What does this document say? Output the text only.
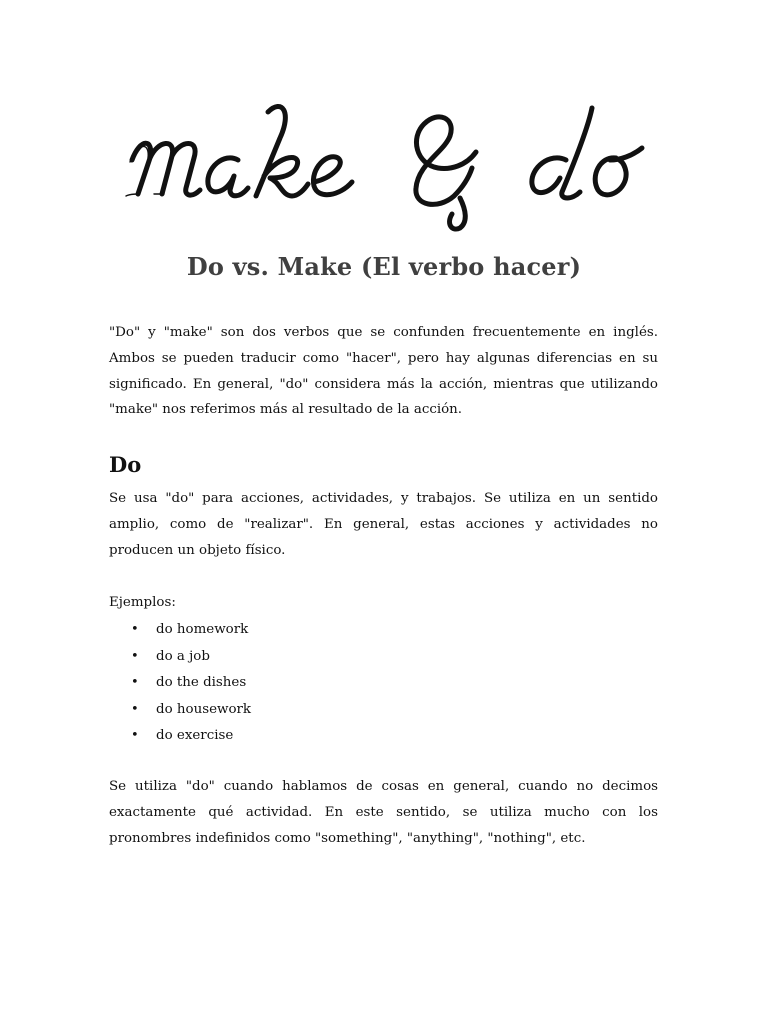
Do vs. Make (El verbo hacer)

"Do" y "make" son dos verbos que se confunden frecuentemente en inglés. Ambos se pueden traducir como "hacer", pero hay algunas diferencias en su significado. En general, "do" considera más la acción, mientras que utilizando "make" nos referimos más al resultado de la acción.

Do

Se usa "do" para acciones, actividades, y trabajos. Se utiliza en un sentido amplio, como de "realizar". En general, estas acciones y actividades no producen un objeto físico.

Ejemplos:

• do homework
• do a job
• do the dishes
• do housework
• do exercise

Se utiliza "do" cuando hablamos de cosas en general, cuando no decimos exactamente qué actividad. En este sentido, se utiliza mucho con los pronombres indefinidos como "something", "anything", "nothing", etc.
